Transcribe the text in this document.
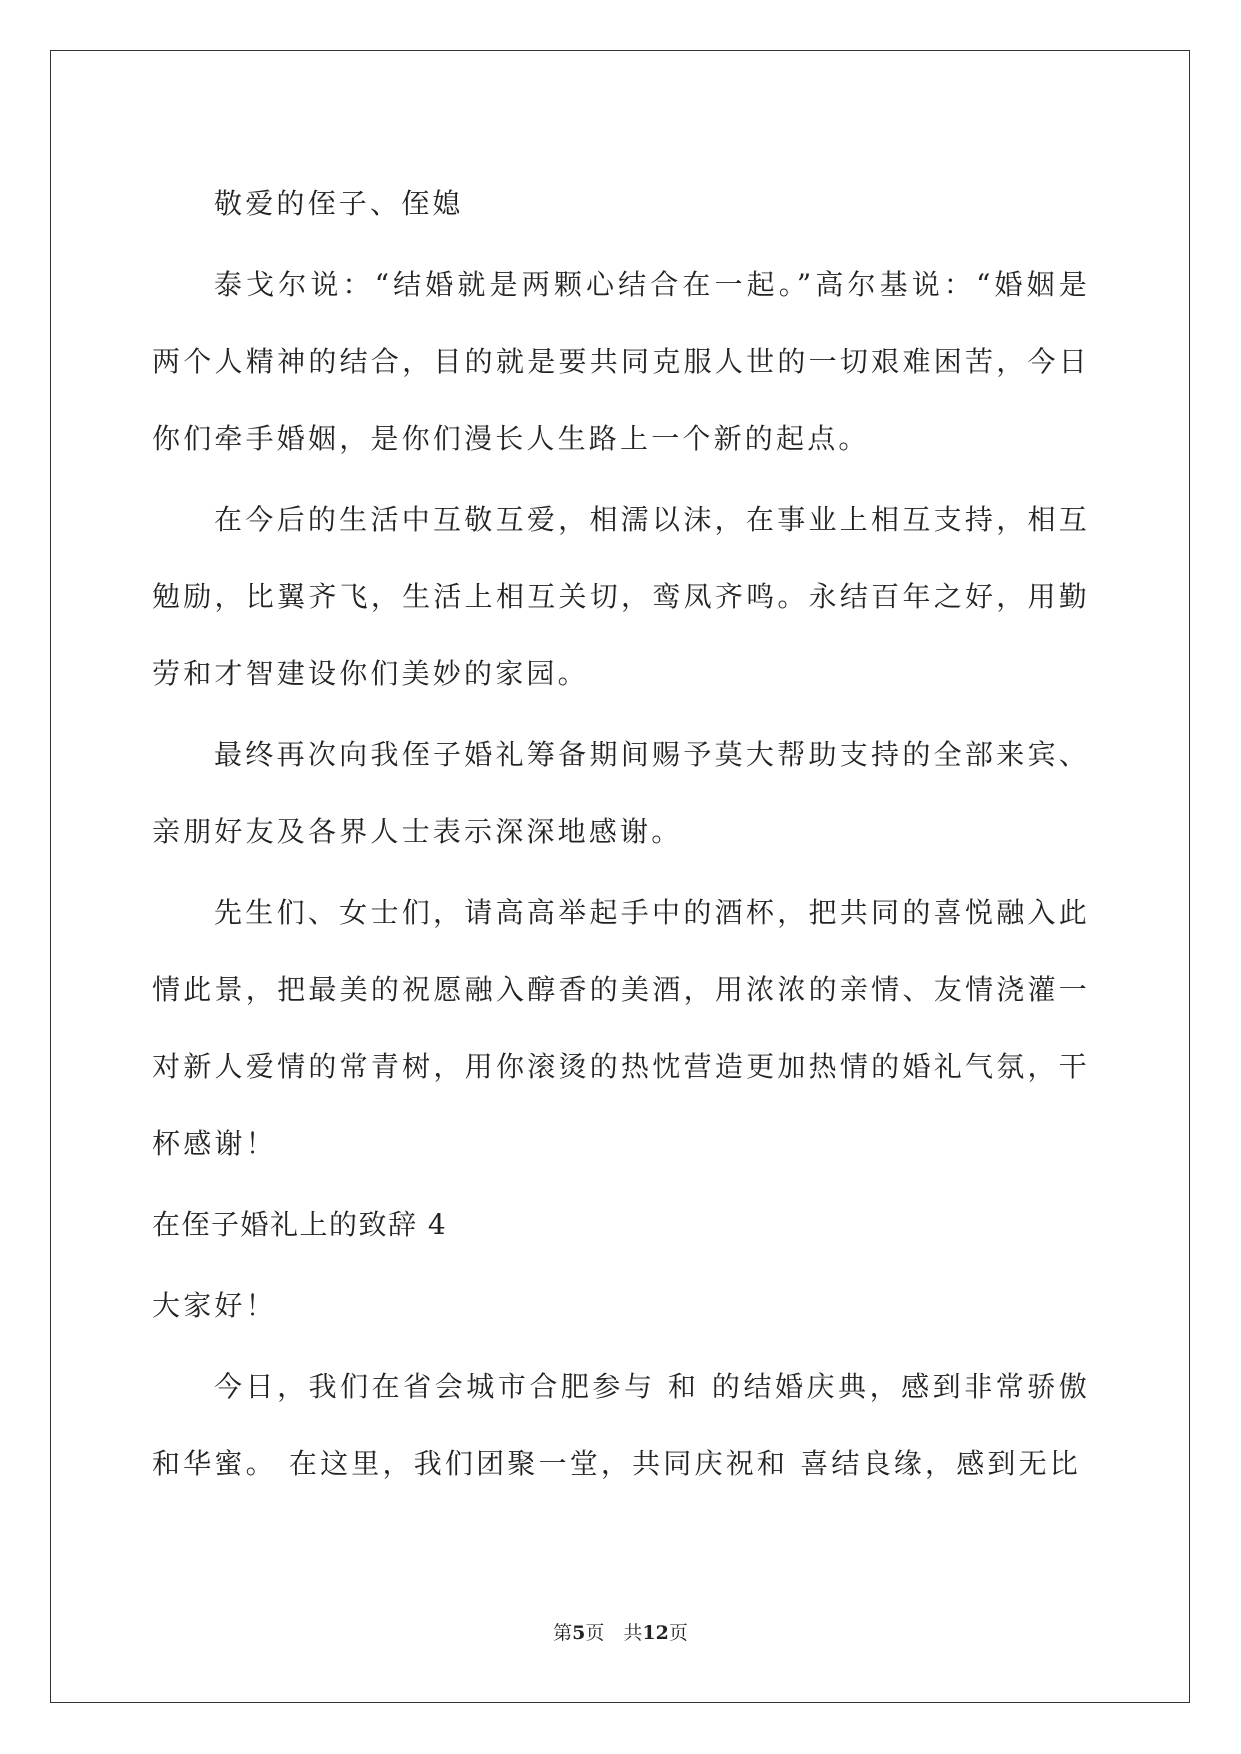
敬爱的侄子、侄媳

泰戈尔说：“结婚就是两颗心结合在一起。”高尔基说：“婚姻是两个人精神的结合，目的就是要共同克服人世的一切艰难困苦，今日你们牵手婚姻，是你们漫长人生路上一个新的起点。

在今后的生活中互敬互爱，相濡以沫，在事业上相互支持，相互勉励，比翼齐飞，生活上相互关切，鸾凤齐鸣。永结百年之好，用勤劳和才智建设你们美妙的家园。

最终再次向我侄子婚礼筹备期间赐予莫大帮助支持的全部来宾、亲朋好友及各界人士表示深深地感谢。

先生们、女士们，请高高举起手中的酒杯，把共同的喜悦融入此情此景，把最美的祝愿融入醇香的美酒，用浓浓的亲情、友情浇灌一对新人爱情的常青树，用你滚烫的热忱营造更加热情的婚礼气氛，干杯感谢！

在侄子婚礼上的致辞 4

大家好！

今日，我们在省会城市合肥参与 和 的结婚庆典，感到非常骄傲和华蜜。 在这里，我们团聚一堂，共同庆祝和 喜结良缘，感到无比

第5页　共12页
